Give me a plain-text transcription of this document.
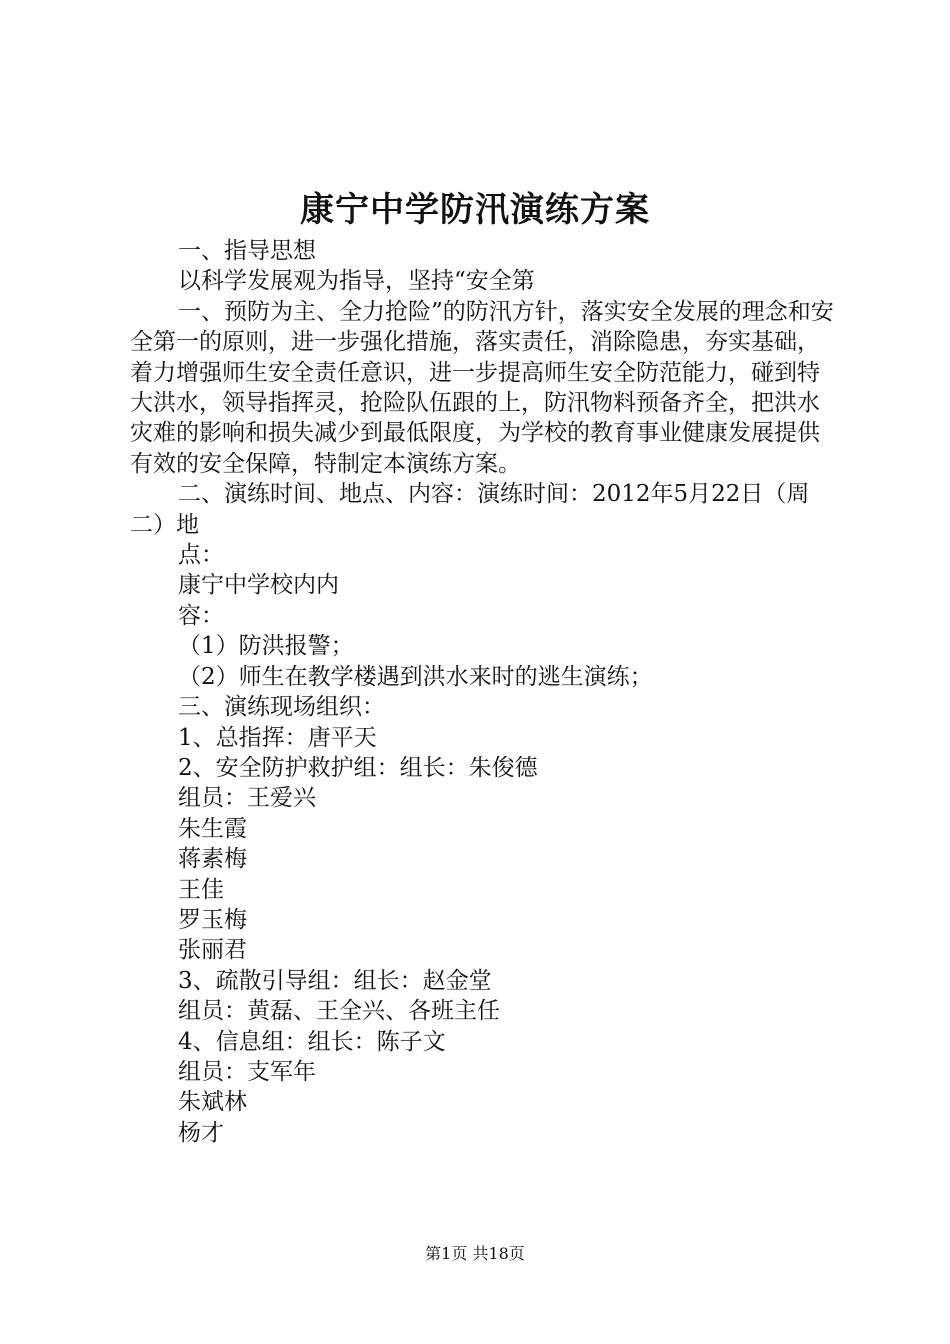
康宁中学防汛演练方案

一、指导思想

以科学发展观为指导，坚持“安全第

一、预防为主、全力抢险”的防汛方针，落实安全发展的理念和安全第一的原则，进一步强化措施，落实责任，消除隐患，夯实基础，着力增强师生安全责任意识，进一步提高师生安全防范能力，碰到特大洪水，领导指挥灵，抢险队伍跟的上，防汛物料预备齐全，把洪水灾难的影响和损失减少到最低限度，为学校的教育事业健康发展提供有效的安全保障，特制定本演练方案。

二、演练时间、地点、内容：演练时间：2012年5月22日（周二）地

点：

康宁中学校内内

容：

（1）防洪报警；

（2）师生在教学楼遇到洪水来时的逃生演练；

三、演练现场组织：

1、总指挥：唐平天

2、安全防护救护组：组长：朱俊德

组员：王爱兴

朱生霞

蒋素梅

王佳

罗玉梅

张丽君

3、疏散引导组：组长：赵金堂

组员：黄磊、王全兴、各班主任

4、信息组：组长：陈子文

组员：支军年

朱斌林

杨才

第1页 共18页
